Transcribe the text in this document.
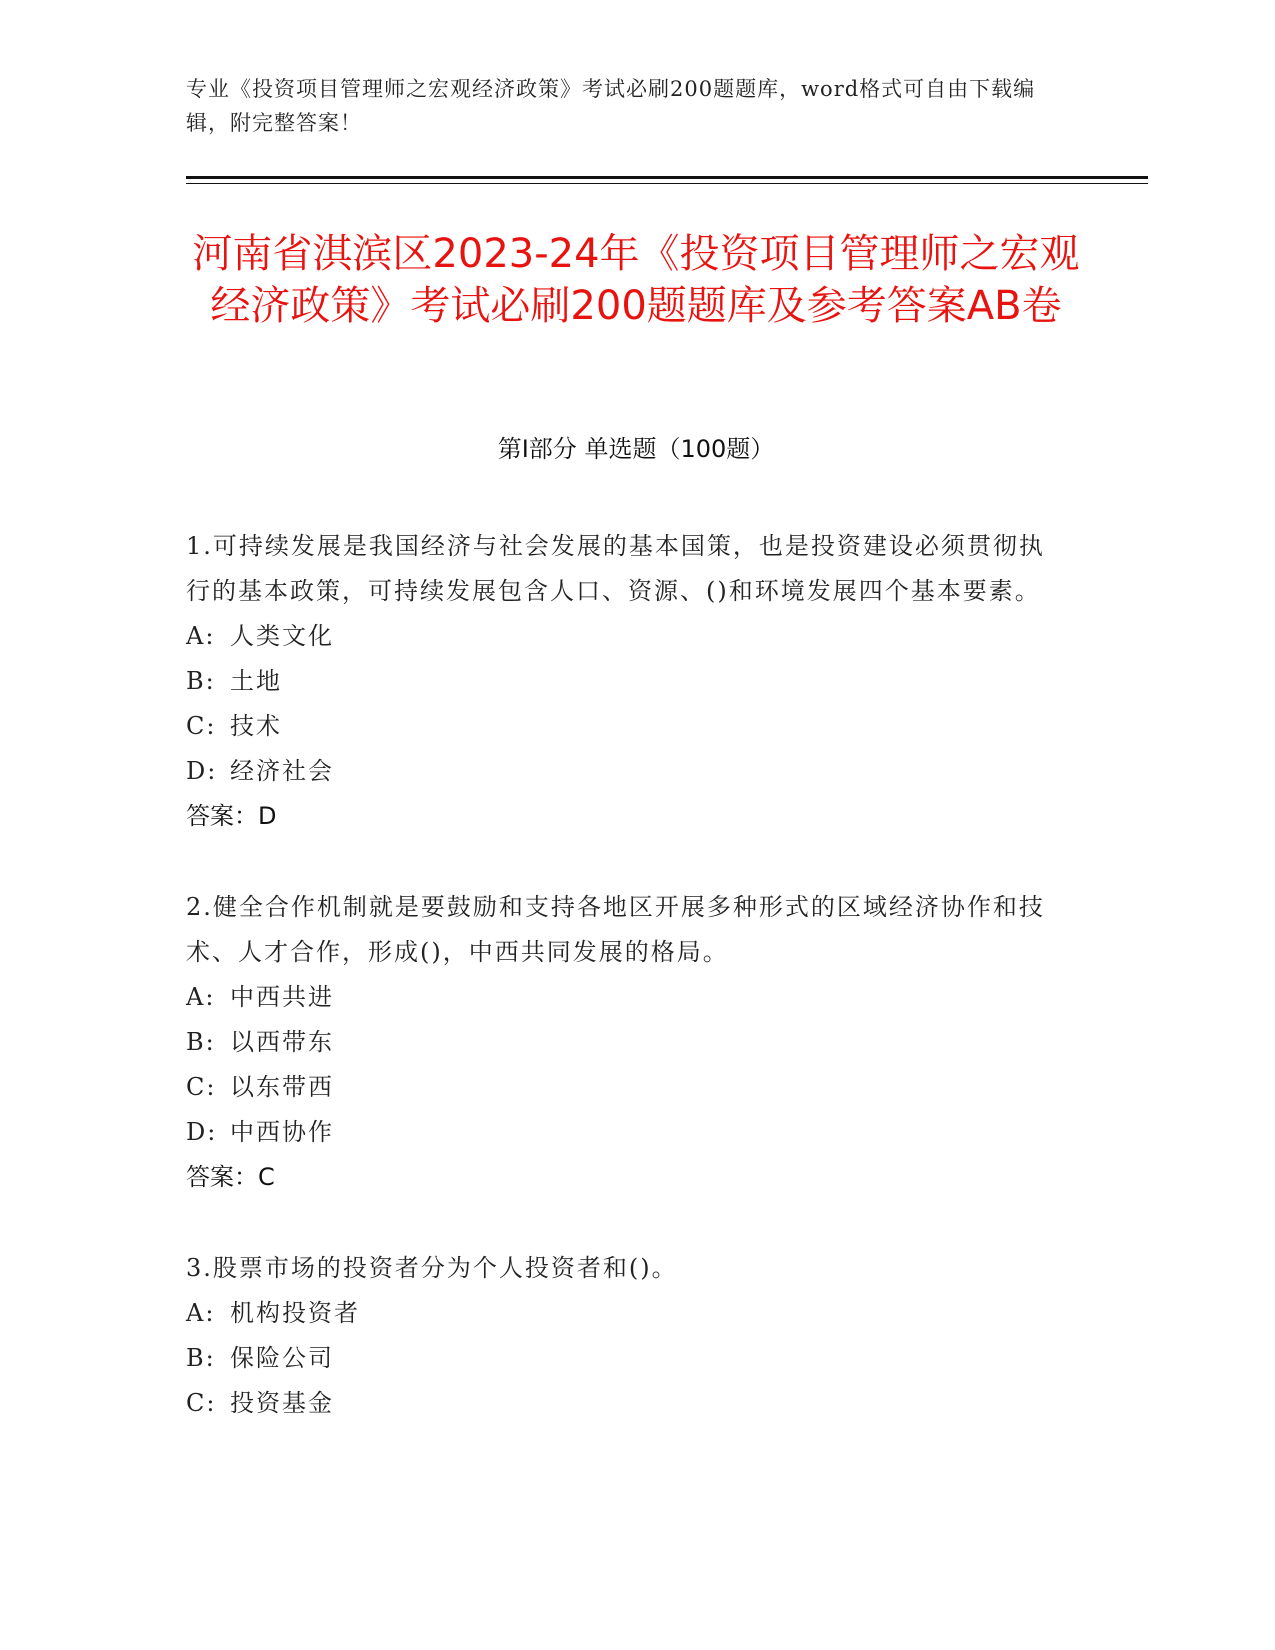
专业《投资项目管理师之宏观经济政策》考试必刷200题题库，word格式可自由下载编辑，附完整答案！
河南省淇滨区2023-24年《投资项目管理师之宏观经济政策》考试必刷200题题库及参考答案AB卷
第Ⅰ部分 单选题（100题）

1.可持续发展是我国经济与社会发展的基本国策，也是投资建设必须贯彻执行的基本政策，可持续发展包含人口、资源、()和环境发展四个基本要素。

A: 人类文化

B: 土地

C: 技术

D: 经济社会

答案：D

2.健全合作机制就是要鼓励和支持各地区开展多种形式的区域经济协作和技术、人才合作，形成()，中西共同发展的格局。

A: 中西共进

B: 以西带东

C: 以东带西

D: 中西协作

答案：C

3.股票市场的投资者分为个人投资者和()。

A: 机构投资者

B: 保险公司

C: 投资基金
